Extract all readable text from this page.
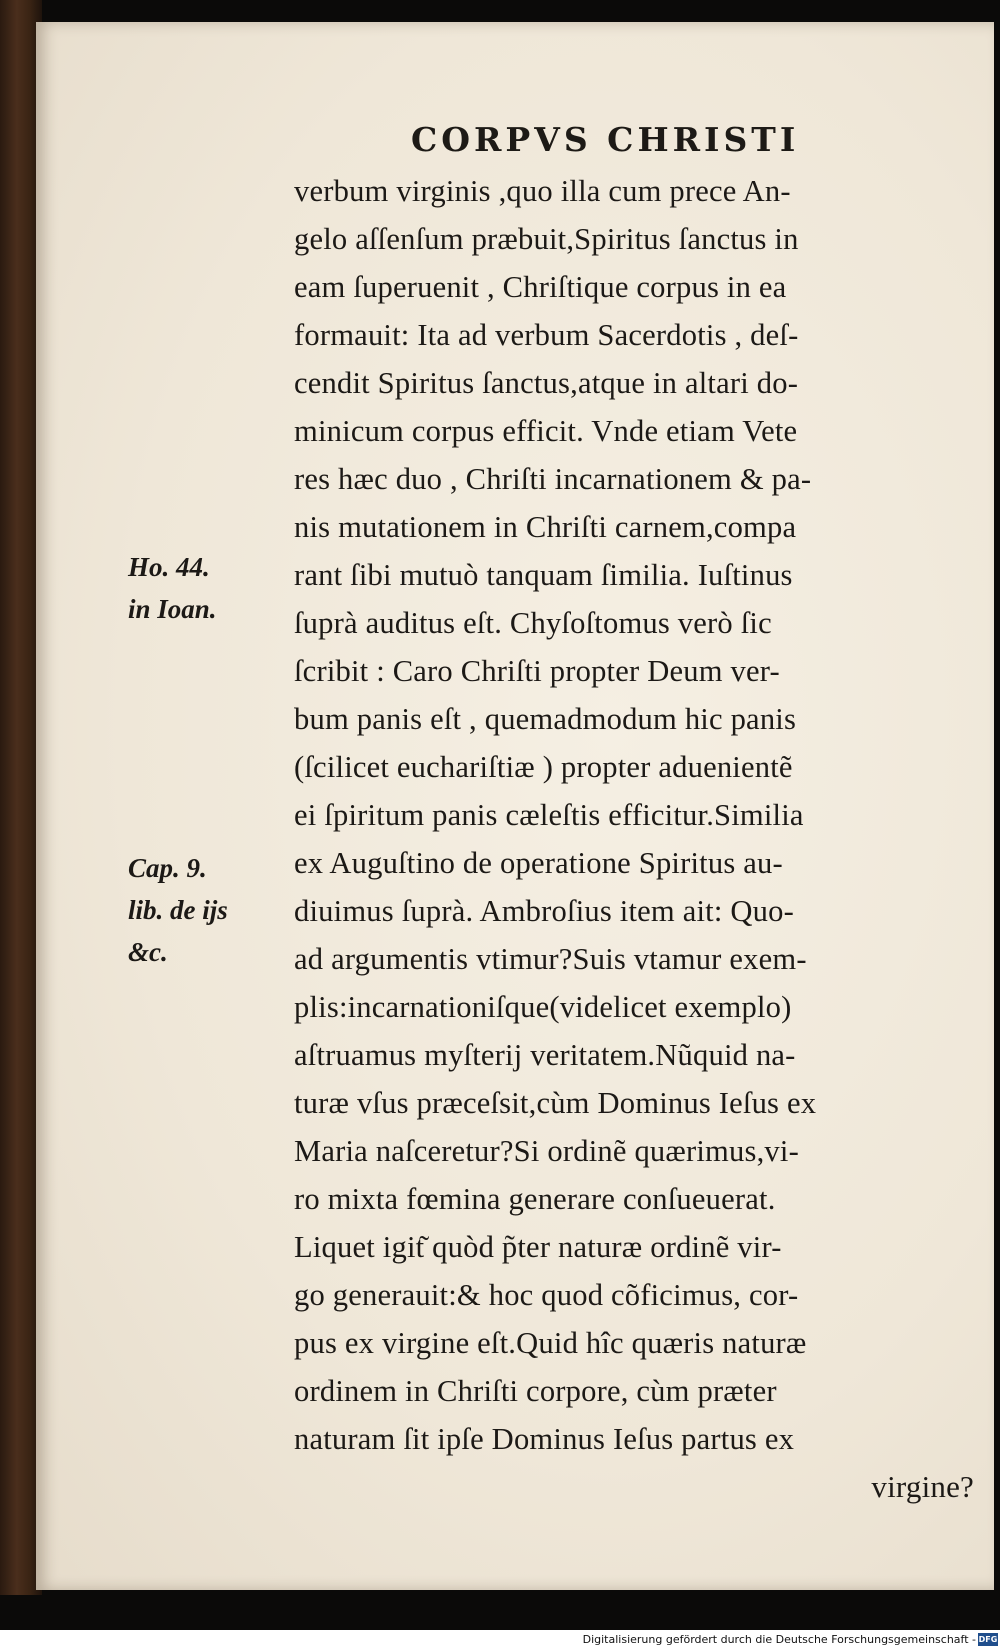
CORPVS CHRISTI
verbum virginis ,quo illa cum prece An-
gelo aſſenſum præbuit,Spiritus ſanctus in
eam ſuperuenit , Chriſtique corpus in ea
formauit: Ita ad verbum Sacerdotis , deſ-
cendit Spiritus ſanctus,atque in altari do-
minicum corpus efficit. Vnde etiam Vete
res hæc duo , Chriſti incarnationem & pa-
nis mutationem in Chriſti carnem,compa
rant ſibi mutuò tanquam ſimilia. Iuſtinus
ſuprà auditus eſt. Chyſoſtomus verò ſic
ſcribit : Caro Chriſti propter Deum ver-
bum panis eſt , quemadmodum hic panis
(ſcilicet euchariſtiæ ) propter aduenientẽ
ei ſpiritum panis cæleſtis efficitur.Similia
ex Auguſtino de operatione Spiritus au-
diuimus ſuprà. Ambroſius item ait: Quo-
ad argumentis vtimur?Suis vtamur exem-
plis:incarnationiſque(videlicet exemplo)
aſtruamus myſterij veritatem.Nũquid na-
turæ vſus præceſsit,cùm Dominus Ieſus ex
Maria naſceretur?Si ordinẽ quærimus,vi-
ro mixta fœmina generare conſueuerat.
Liquet igit͂ quòd p̃ter naturæ ordinẽ vir-
go generauit:& hoc quod cõficimus, cor-
pus ex virgine eſt.Quid hîc quæris naturæ
ordinem in Chriſti corpore, cùm præter
naturam ſit ipſe Dominus Ieſus partus ex
virgine?
Ho. 44.
in Ioan.
Cap. 9.
lib. de ijs
&c.
Digitalisierung gefördert durch die Deutsche Forschungsgemeinschaft - DFG
